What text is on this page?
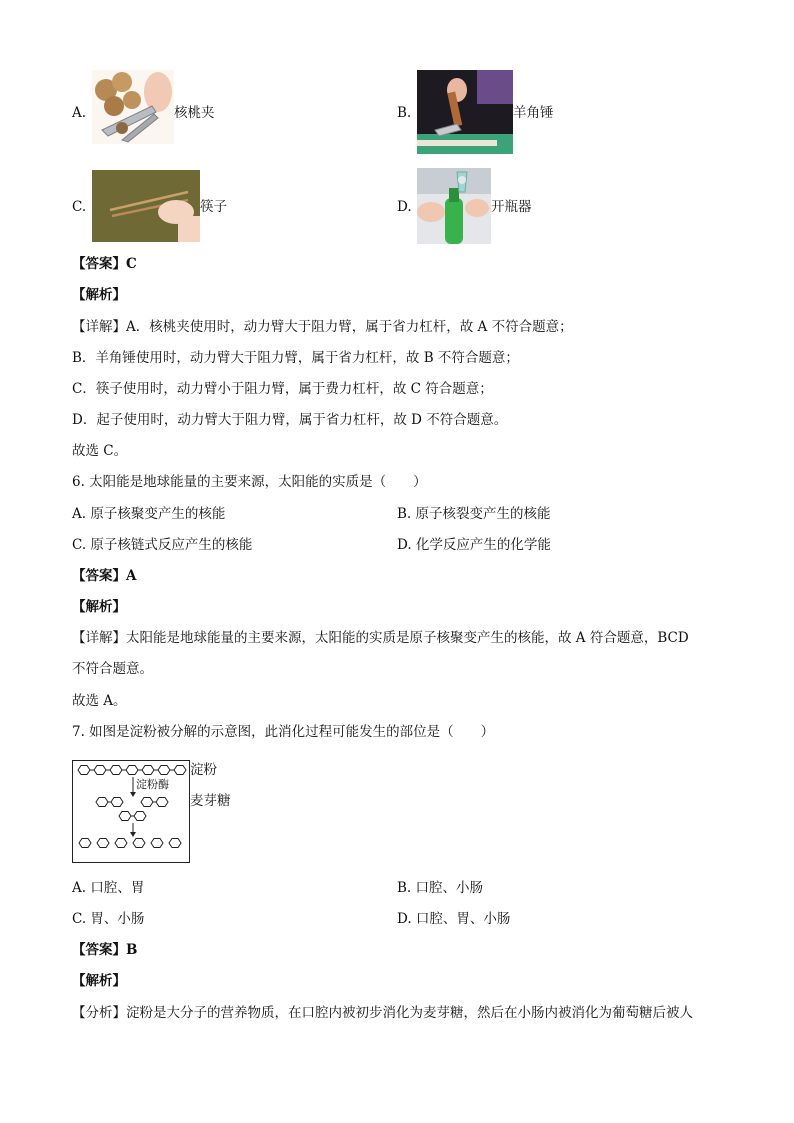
A.	核桃夹	B.	羊角锤
C.	筷子	D.	开瓶器
【答案】C
【解析】
【详解】A．核桃夹使用时，动力臂大于阻力臂，属于省力杠杆，故 A 不符合题意；
B．羊角锤使用时，动力臂大于阻力臂，属于省力杠杆，故 B 不符合题意；
C．筷子使用时，动力臂小于阻力臂，属于费力杠杆，故 C 符合题意；
D．起子使用时，动力臂大于阻力臂，属于省力杠杆，故 D 不符合题意。
故选 C。
6. 太阳能是地球能量的主要来源，太阳能的实质是（　　）
A. 原子核聚变产生的核能	B. 原子核裂变产生的核能
C. 原子核链式反应产生的核能	D. 化学反应产生的化学能
【答案】A
【解析】
【详解】太阳能是地球能量的主要来源，太阳能的实质是原子核聚变产生的核能，故 A 符合题意，BCD
不符合题意。
故选 A。
7. 如图是淀粉被分解的示意图，此消化过程可能发生的部位是（　　）
淀粉酶
淀粉
麦芽糖
A. 口腔、胃	B. 口腔、小肠
C. 胃、小肠	D. 口腔、胃、小肠
【答案】B
【解析】
【分析】淀粉是大分子的营养物质，在口腔内被初步消化为麦芽糖，然后在小肠内被消化为葡萄糖后被人
